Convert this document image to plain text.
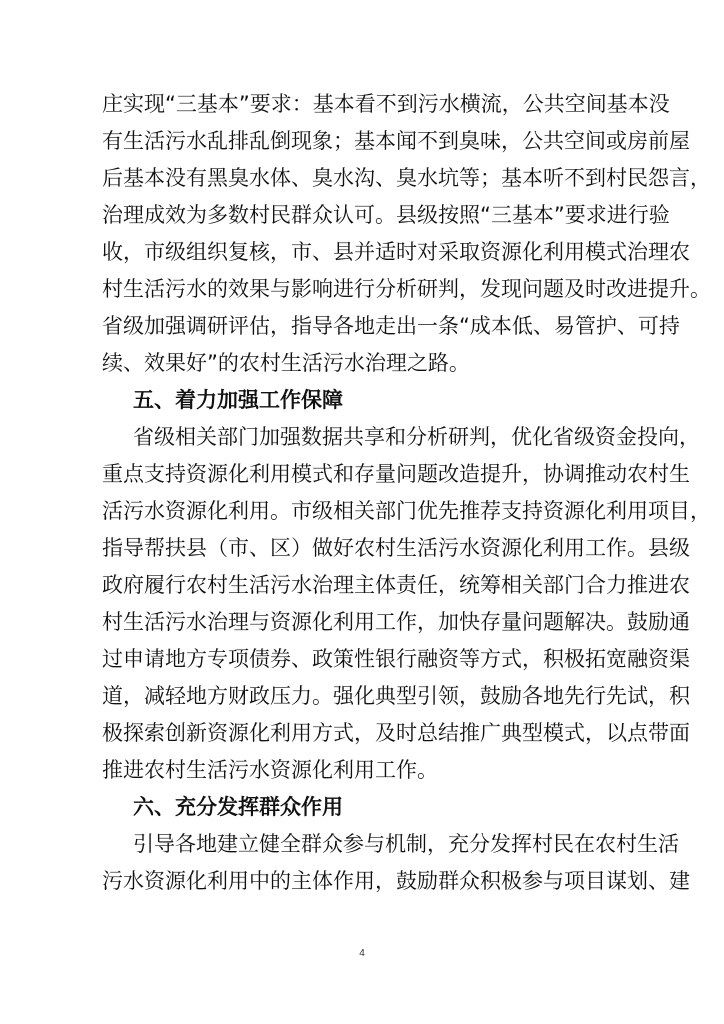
庄实现“三基本”要求：基本看不到污水横流，公共空间基本没
有生活污水乱排乱倒现象；基本闻不到臭味，公共空间或房前屋
后基本没有黑臭水体、臭水沟、臭水坑等；基本听不到村民怨言，
治理成效为多数村民群众认可。县级按照“三基本”要求进行验
收，市级组织复核，市、县并适时对采取资源化利用模式治理农
村生活污水的效果与影响进行分析研判，发现问题及时改进提升。
省级加强调研评估，指导各地走出一条“成本低、易管护、可持
续、效果好”的农村生活污水治理之路。
五、着力加强工作保障
省级相关部门加强数据共享和分析研判，优化省级资金投向，
重点支持资源化利用模式和存量问题改造提升，协调推动农村生
活污水资源化利用。市级相关部门优先推荐支持资源化利用项目，
指导帮扶县（市、区）做好农村生活污水资源化利用工作。县级
政府履行农村生活污水治理主体责任，统筹相关部门合力推进农
村生活污水治理与资源化利用工作，加快存量问题解决。鼓励通
过申请地方专项债券、政策性银行融资等方式，积极拓宽融资渠
道，减轻地方财政压力。强化典型引领，鼓励各地先行先试，积
极探索创新资源化利用方式，及时总结推广典型模式，以点带面
推进农村生活污水资源化利用工作。
六、充分发挥群众作用
引导各地建立健全群众参与机制，充分发挥村民在农村生活
污水资源化利用中的主体作用，鼓励群众积极参与项目谋划、建
4
